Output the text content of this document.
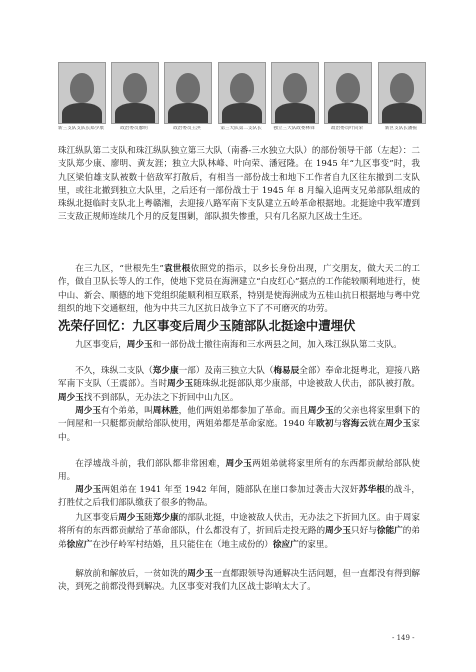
新三支队支队长郑少康	政治委员廖明	政治委员王洪	第三大队第二支队长	独立三大队政委林锋	政治委员叶向荣	新区支队长潘振

珠江纵队第二支队和珠江纵队独立第三大队（南番-三水独立大队）的部份领导干部（左起）：二支队郑少康、廖明、黄友涯；独立大队林峰、叶向荣、潘冠隆。在 1945 年“九区事变”时，我九区梁伯雄支队被数十倍敌军打散后，有相当一部份战士和地下工作者自九区往东撤到二支队里，或往北撤到独立大队里，之后还有一部份战士于 1945 年 8 月编入追两支兄弟部队组成的珠纵北挺临时支队北上粤赣湘，去迎接八路军南下支队建立五岭革命根据地。北挺途中我军遭到三支敌正规师连续几个月的反复围剿，部队损失惨重，只有几名原九区战士生还。

在三九区，“世根先生”袁世根依照党的指示，以乡长身份出现，广交朋友，做大天二的工作，做自卫队长等人的工作，使地下党员在海洲建立“白皮红心”据点的工作能较顺利地进行，使中山、新会、顺德的地下党组织能顺利相互联系，特别是使海洲成为五桂山抗日根据地与粤中党组织的地下交通枢纽，他为中共三九区抗日战争立下了不可磨灭的功劳。

冼荣仔回忆：九区事变后周少玉随部队北挺途中遭埋伏

九区事变后，周少玉和一部份战士撤往南海和三水两县之间，加入珠江纵队第二支队。

不久，珠纵二支队（郑少康一部）及南三独立大队（梅易辰全部）奉命北挺粤北，迎接八路军南下支队（王震部）。当时周少玉随珠纵北挺部队郑少康部，中途被敌人伏击，部队被打散。周少玉找不到部队，无办法之下折回中山九区。

周少玉有个弟弟，叫周林胜，他们两姐弟都参加了革命。而且周少玉的父亲也将家里剩下的一间屋和一只艇都贡献给部队使用，两姐弟都是革命家庭。1940 年欧初与容海云就在周少玉家中。

在浮墟战斗前，我们部队都非常困难，周少玉两姐弟就将家里所有的东西都贡献给部队使用。

周少玉两姐弟在 1941 年至 1942 年间，随部队在崖口参加过袭击大汊奸苏华根的战斗，打胜仗之后我们部队缴获了很多的物品。

九区事变后周少玉随郑少康的部队北挺，中途被敌人伏击，无办法之下折回九区。由于周家将所有的东西都贡献给了革命部队，什么都没有了，折回后走投无路的周少玉只好与徐能广的弟弟徐应广在沙仔岭军村结婚，且只能住在（地主成份的）徐应广的家里。

解放前和解放后，一贫如洗的周少玉一直都跟领导沟通解决生活问题，但一直都没有得到解决，到死之前都没得到解决。九区事变对我们九区战士影响太大了。

- 149 -
